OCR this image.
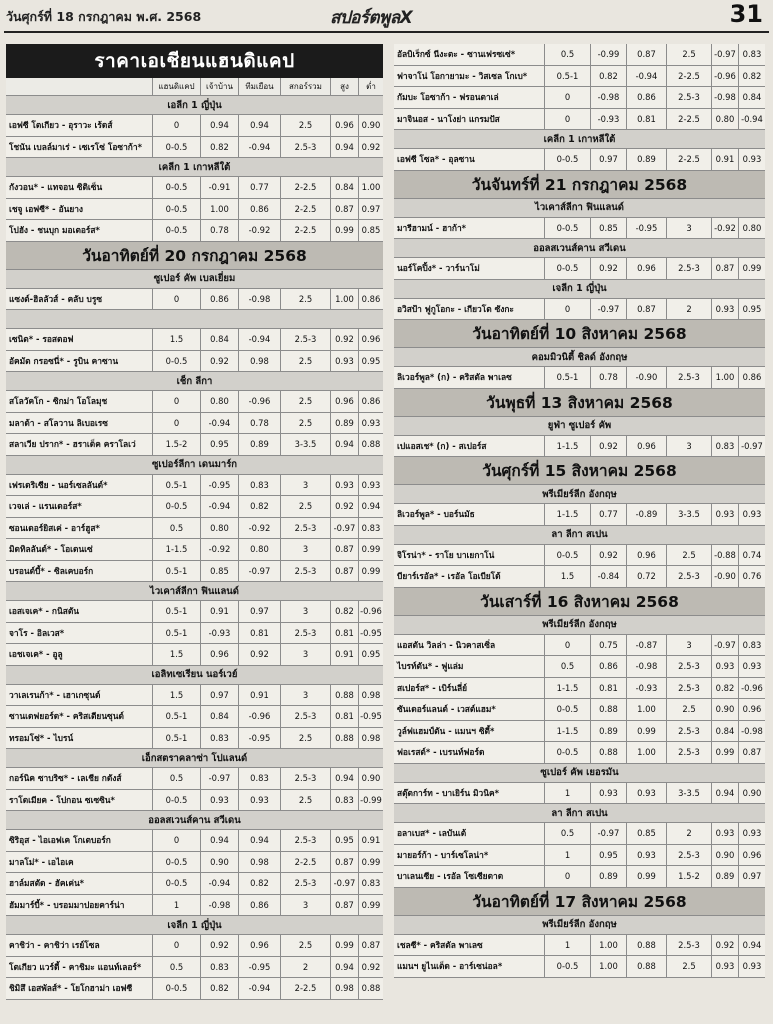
วันศุกร์ที่ 18 กรกฎาคม พ.ศ. 2568	สปอร์ตพูลX	31
ราคาเอเชียนแฮนดิแคป
แฮนดิแคป	เจ้าบ้าน	ทีมเยือน	สกอร์รวม	สูง	ต่ำ
เอลีก 1 ญี่ปุ่น
เอฟซี โตเกียว - อุราวะ เร้ดส์	0	0.94	0.94	2.5	0.96 0.90
โชนัน เบลล์มาเร่ - เซเรโซ่ โอซาก้า*	0-0.5	0.82	-0.94	2.5-3	0.94 0.92
เคลีก 1 เกาหลีใต้
กังวอน* - แทจอน ซิติเซ็น	0-0.5	-0.91	0.77	2-2.5	0.84 1.00
เชจู เอฟซี* - อันยาง	0-0.5	1.00	0.86	2-2.5	0.87 0.97
โปฮัง - ชนบุก มอเตอร์ส*	0-0.5	0.78	-0.92	2-2.5	0.99 0.85
วันอาทิตย์ที่ 20 กรกฎาคม 2568
ซูเปอร์ คัพ เบลเยี่ยม
แซงต์-ฮิลลัวส์ - คลับ บรูซ	0	0.86	-0.98	2.5	1.00 0.86
เซนิต* - รอสตอฟ	1.5	0.84	-0.94	2.5-3	0.92 0.96
อัคมัต กรอซนี่* - รูบิน คาซาน	0-0.5	0.92	0.98	2.5	0.93 0.95
เช็ก ลีกา
สโลวัคโก - ซิกม่า โอโลมุช	0	0.80	-0.96	2.5	0.96 0.86
มลาด้า - สโลวาน ลิเบอเรซ	0	-0.94	0.78	2.5	0.89 0.93
สลาเวีย ปราก* - ฮราเด็ค คราโลเว่	1.5-2	0.95	0.89	3-3.5	0.94 0.88
ซูเปอร์ลีกา เดนมาร์ก
เฟรเดริเซีย - นอร์เซลลันด์*	0.5-1	-0.95	0.83	3	0.93 0.93
เวจเล่ - แรนเดอร์ส*	0-0.5	-0.94	0.82	2.5	0.92 0.94
ซอนเดอร์ยิสเค่ - อาร์ฮูส*	0.5	0.80	-0.92	2.5-3	-0.97 0.83
มิดทิลลันด์* - โอเดนเซ่	1-1.5	-0.92	0.80	3	0.87 0.99
บรอนด์บี้* - ซิลเคบอร์ก	0.5-1	0.85	-0.97	2.5-3	0.87 0.99
ไวเคาส์ลีกา ฟินแลนด์
เอสเจเค* - กนิสตัน	0.5-1	0.91	0.97	3	0.82 -0.96
จาโร - อิลเวส*	0.5-1	-0.93	0.81	2.5-3	0.81 -0.95
เอชเจเค* - อูลู	1.5	0.96	0.92	3	0.91 0.95
เอลิทเซเรียน นอร์เวย์
วาเลเรนก้า* - เฮาเกซุนด์	1.5	0.97	0.91	3	0.88 0.98
ซานเดฟยอร์ด* - คริสเตียนซุนด์	0.5-1	0.84	-0.96	2.5-3	0.81 -0.95
ทรอมโซ่* - ไบรน์	0.5-1	0.83	-0.95	2.5	0.88 0.98
เอ็กสตราคลาซ่า โปแลนด์
กอร์นิค ซาบริซ* - เลเชีย กดังส์	0.5	-0.97	0.83	2.5-3	0.94 0.90
ราโดเมียค - โปกอน ซเซซิน*	0-0.5	0.93	0.93	2.5	0.83 -0.99
ออลสเวนส์คาน สวีเดน
ซิริอุส - ไอเอฟเค โกเตบอร์ก	0	0.94	0.94	2.5-3	0.95 0.91
มาลโม่* - เอไอเค	0-0.5	0.90	0.98	2-2.5	0.87 0.99
ฮาล์มสตัด - ฮัคเค่น*	0-0.5	-0.94	0.82	2.5-3	-0.97 0.83
ฮัมมาร์บี้* - บรอมมาปอยคาร์น่า	1	-0.98	0.86	3	0.87 0.99
เจลีก 1 ญี่ปุ่น
คาชิว่า - คาชิว่า เรย์โซล	0	0.92	0.96	2.5	0.99 0.87
โตเกียว แวร์ดี้ - คาชิมะ แอนท์เลอร์*	0.5	0.83	-0.95	2	0.94 0.92
ชิมิสึ เอสพัลส์* - โยโกฮาม่า เอฟซี	0-0.5	0.82	-0.94	2-2.5	0.98 0.88
อัลบิเร็กซ์ นีงะตะ - ซานเฟรซเซ่*	0.5	-0.99	0.87	2.5	-0.97 0.83
ฟาจาโน่ โอกายามะ - วิสเซล โกเบ*	0.5-1	0.82	-0.94	2-2.5	-0.96 0.82
กัมบะ โอซาก้า - ฟรอนตาเล่	0	-0.98	0.86	2.5-3	-0.98 0.84
มาจินอส - นาโงย่า แกรมปัส	0	-0.93	0.81	2-2.5	0.80 -0.94
เคลีก 1 เกาหลีใต้
เอฟซี โซล* - อุลซาน	0-0.5	0.97	0.89	2-2.5	0.91 0.93
วันจันทร์ที่ 21 กรกฎาคม 2568
ไวเคาส์ลีกา ฟินแลนด์
มารีฮามน์ - ฮาก้า*	0-0.5	0.85	-0.95	3	-0.92 0.80
ออลสเวนส์คาน สวีเดน
นอร์โคปิ้ง* - วาร์นาโม่	0-0.5	0.92	0.96	2.5-3	0.87 0.99
เจลีก 1 ญี่ปุ่น
อวิสป้า ฟูกูโอกะ - เกียวโต ซังกะ	0	-0.97	0.87	2	0.93 0.95
วันอาทิตย์ที่ 10 สิงหาคม 2568
คอมมิวนิตี้ ชิลด์ อังกฤษ
ลิเวอร์พูล* (ก) - คริสตัล พาเลซ	0.5-1	0.78	-0.90	2.5-3	1.00 0.86
วันพุธที่ 13 สิงหาคม 2568
ยูฟ่า ซูเปอร์ คัพ
เปแอสเช* (ก) - สเปอร์ส	1-1.5	0.92	0.96	3	0.83 -0.97
วันศุกร์ที่ 15 สิงหาคม 2568
พรีเมียร์ลีก อังกฤษ
ลิเวอร์พูล* - บอร์นมัธ	1-1.5	0.77	-0.89	3-3.5	0.93 0.93
ลา ลีกา สเปน
จิโรน่า* - ราโย บาเยกาโน่	0-0.5	0.92	0.96	2.5	-0.88 0.74
บียาร์เรอัล* - เรอัล โอเบียโด้	1.5	-0.84	0.72	2.5-3	-0.90 0.76
วันเสาร์ที่ 16 สิงหาคม 2568
พรีเมียร์ลีก อังกฤษ
แอสตัน วิลล่า - นิวคาสเซิ่ล	0	0.75	-0.87	3	-0.97 0.83
ไบรท์ตัน* - ฟูแล่ม	0.5	0.86	-0.98	2.5-3	0.93 0.93
สเปอร์ส* - เบิร์นลี่ย์	1-1.5	0.81	-0.93	2.5-3	0.82 -0.96
ซันเดอร์แลนด์ - เวสต์แฮม*	0-0.5	0.88	1.00	2.5	0.90 0.96
วูล์ฟแฮมป์ตัน - แมนฯ ซิตี้*	1-1.5	0.89	0.99	2.5-3	0.84 -0.98
ฟอเรสต์* - เบรนท์ฟอร์ด	0-0.5	0.88	1.00	2.5-3	0.99 0.87
ซูเปอร์ คัพ เยอรมัน
สตุ๊ตการ์ท - บาเยิร์น มิวนิค*	1	0.93	0.93	3-3.5	0.94 0.90
ลา ลีกา สเปน
อลาเบส* - เลบันเต้	0.5	-0.97	0.85	2	0.93 0.93
มายอร์ก้า - บาร์เซโลน่า*	1	0.95	0.93	2.5-3	0.90 0.96
บาเลนเซีย - เรอัล โซเซียดาด	0	0.89	0.99	1.5-2	0.89 0.97
วันอาทิตย์ที่ 17 สิงหาคม 2568
พรีเมียร์ลีก อังกฤษ
เชลซี* - คริสตัล พาเลซ	1	1.00	0.88	2.5-3	0.92 0.94
แมนฯ ยูไนเต็ด - อาร์เซน่อล*	0-0.5	1.00	0.88	2.5	0.93 0.93
